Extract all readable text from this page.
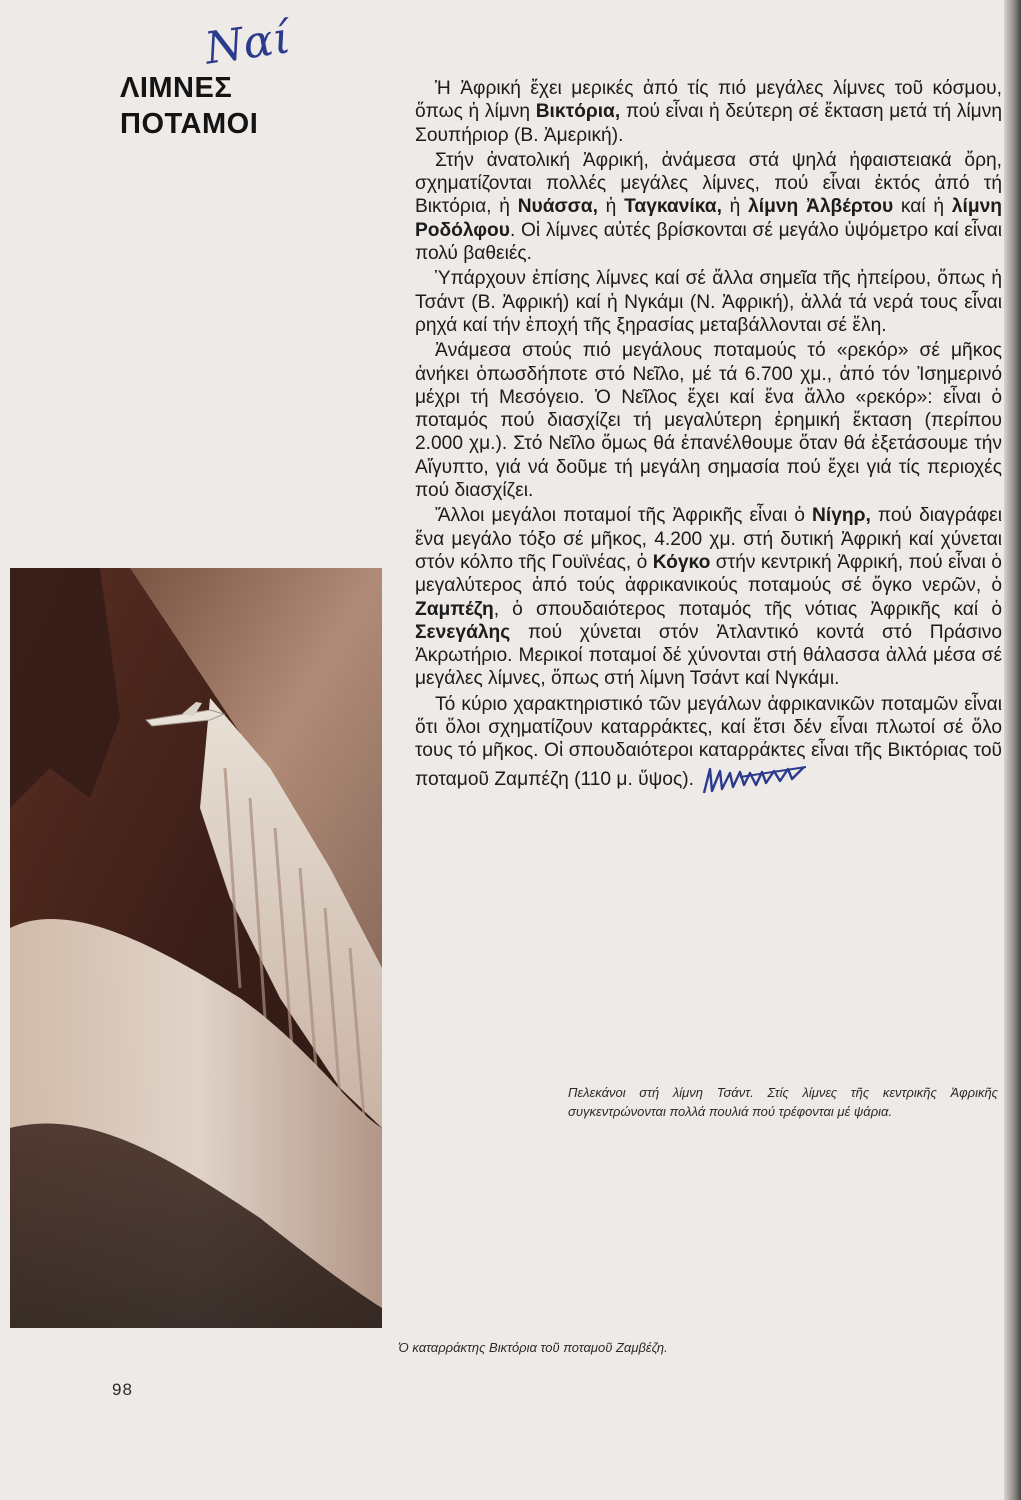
Ναί
ΛΙΜΝΕΣ
ΠΟΤΑΜΟΙ

Ἡ Ἀφρική ἔχει μερικές ἀπό τίς πιό μεγάλες λίμνες τοῦ κόσμου, ὅπως ἡ λίμνη Βικτόρια, πού εἶναι ἡ δεύτερη σέ ἔκταση μετά τή λίμνη Σουπήριορ (Β. Ἀμερική).

Στήν ἀνατολική Ἀφρική, ἀνάμεσα στά ψηλά ἡφαιστειακά ὄρη, σχηματίζονται πολλές μεγάλες λίμνες, πού εἶναι ἐκτός ἀπό τή Βικτόρια, ἡ Νυάσσα, ἡ Ταγκανίκα, ἡ λίμνη Ἀλβέρτου καί ἡ λίμνη Ροδόλφου. Οἱ λίμνες αὐτές βρίσκονται σέ μεγάλο ὑψόμετρο καί εἶναι πολύ βαθειές.

Ὑπάρχουν ἐπίσης λίμνες καί σέ ἄλλα σημεῖα τῆς ἠπείρου, ὅπως ἡ Τσάντ (Β. Ἀφρική) καί ἡ Νγκάμι (Ν. Ἀφρική), ἀλλά τά νερά τους εἶναι ρηχά καί τήν ἐποχή τῆς ξηρασίας μεταβάλλονται σέ ἕλη.

Ἀνάμεσα στούς πιό μεγάλους ποταμούς τό «ρεκόρ» σέ μῆκος ἀνήκει ὁπωσδήποτε στό Νεῖλο, μέ τά 6.700 χμ., ἀπό τόν Ἰσημερινό μέχρι τή Μεσόγειο. Ὁ Νεῖλος ἔχει καί ἕνα ἄλλο «ρεκόρ»: εἶναι ὁ ποταμός πού διασχίζει τή μεγαλύτερη ἐρημική ἔκταση (περίπου 2.000 χμ.). Στό Νεῖλο ὅμως θά ἐπανέλθουμε ὅταν θά ἐξετάσουμε τήν Αἴγυπτο, γιά νά δοῦμε τή μεγάλη σημασία πού ἔχει γιά τίς περιοχές πού διασχίζει.

Ἄλλοι μεγάλοι ποταμοί τῆς Ἀφρικῆς εἶναι ὁ Νίγηρ, πού διαγράφει ἕνα μεγάλο τόξο σέ μῆκος, 4.200 χμ. στή δυτική Ἀφρική καί χύνεται στόν κόλπο τῆς Γουϊνέας, ὁ Κόγκο στήν κεντρική Ἀφρική, πού εἶναι ὁ μεγαλύτερος ἀπό τούς ἀφρικανικούς ποταμούς σέ ὄγκο νερῶν, ὁ Ζαμπέζη, ὁ σπουδαιότερος ποταμός τῆς νότιας Ἀφρικῆς καί ὁ Σενεγάλης πού χύνεται στόν Ἀτλαντικό κοντά στό Πράσινο Ἀκρωτήριο. Μερικοί ποταμοί δέ χύνονται στή θάλασσα ἀλλά μέσα σέ μεγάλες λίμνες, ὅπως στή λίμνη Τσάντ καί Νγκάμι.

Τό κύριο χαρακτηριστικό τῶν μεγάλων ἀφρικανικῶν ποταμῶν εἶναι ὅτι ὅλοι σχηματίζουν καταρράκτες, καί ἔτσι δέν εἶναι πλωτοί σέ ὅλο τους τό μῆκος. Οἱ σπουδαιότεροι καταρράκτες εἶναι τῆς Βικτόριας τοῦ ποταμοῦ Ζαμπέζη (110 μ. ὕψος).

Πελεκάνοι στή λίμνη Τσάντ. Στίς λίμνες τῆς κεντρικῆς Ἀφρικῆς συγκεντρώνονται πολλά πουλιά πού τρέφονται μέ ψάρια.
Ὁ καταρράκτης Βικτόρια τοῦ ποταμοῦ Ζαμβέζη.
98
